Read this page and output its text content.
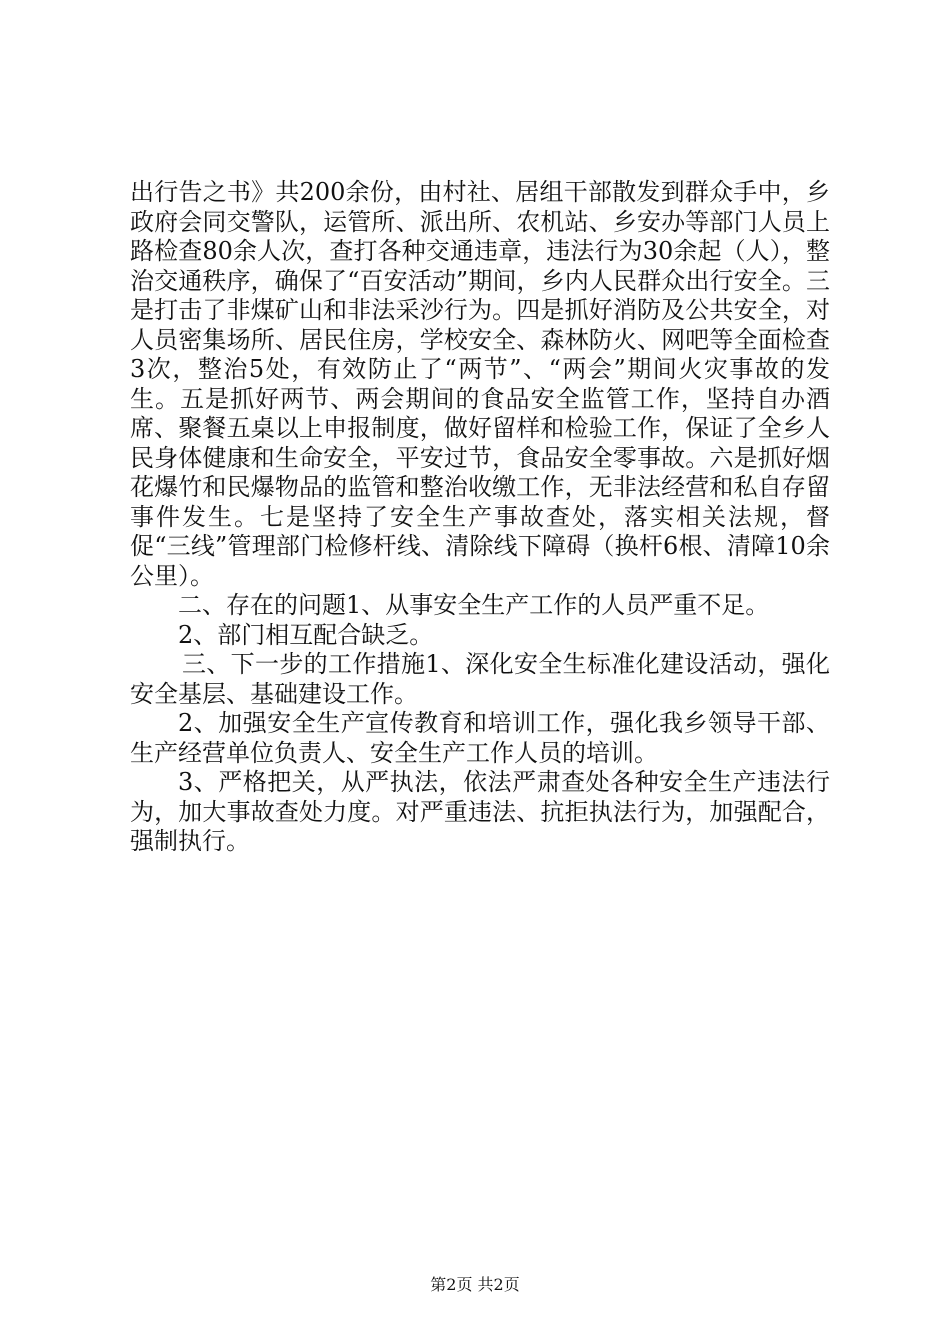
出行告之书》共200余份，由村社、居组干部散发到群众手中，乡政府会同交警队，运管所、派出所、农机站、乡安办等部门人员上路检查80余人次，查打各种交通违章，违法行为30余起（人），整治交通秩序，确保了“百安活动”期间，乡内人民群众出行安全。三是打击了非煤矿山和非法采沙行为。四是抓好消防及公共安全，对人员密集场所、居民住房，学校安全、森林防火、网吧等全面检查3次，整治5处，有效防止了“两节”、“两会”期间火灾事故的发生。五是抓好两节、两会期间的食品安全监管工作，坚持自办酒席、聚餐五桌以上申报制度，做好留样和检验工作，保证了全乡人民身体健康和生命安全，平安过节，食品安全零事故。六是抓好烟花爆竹和民爆物品的监管和整治收缴工作，无非法经营和私自存留事件发生。七是坚持了安全生产事故查处，落实相关法规，督促“三线”管理部门检修杆线、清除线下障碍（换杆6根、清障10余公里）。

二、存在的问题1、从事安全生产工作的人员严重不足。

2、部门相互配合缺乏。

三、下一步的工作措施1、深化安全生标准化建设活动，强化安全基层、基础建设工作。

2、加强安全生产宣传教育和培训工作，强化我乡领导干部、生产经营单位负责人、安全生产工作人员的培训。

3、严格把关，从严执法，依法严肃查处各种安全生产违法行为，加大事故查处力度。对严重违法、抗拒执法行为，加强配合，强制执行。

第2页 共2页
